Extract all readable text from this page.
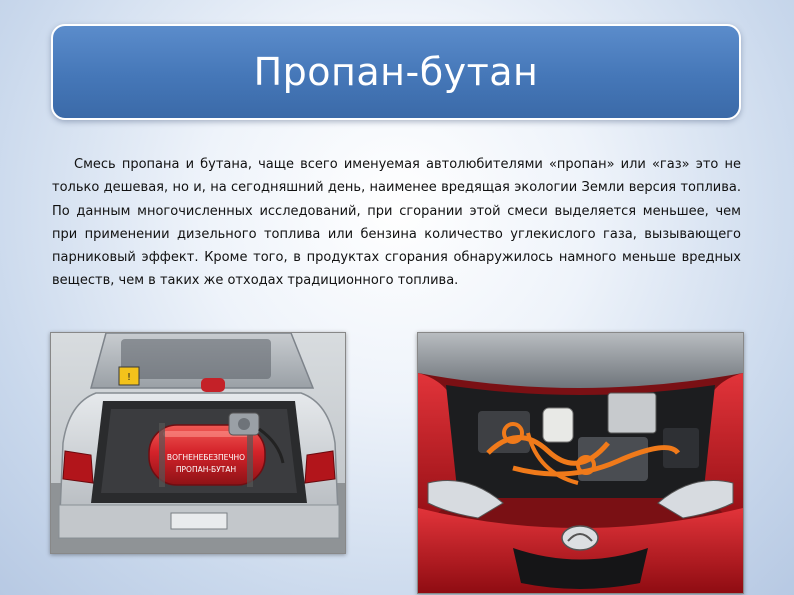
Пропан-бутан
Смесь пропана и бутана, чаще всего именуемая автолюбителями «пропан» или «газ» это не только дешевая, но и, на сегодняшний день, наименее вредящая экологии Земли версия топлива. По данным многочисленных исследований, при сгорании этой смеси выделяется меньшее, чем при применении дизельного топлива или бензина количество углекислого газа, вызывающего парниковый эффект. Кроме того, в продуктах сгорания обнаружилось намного меньше вредных веществ, чем в таких же отходах традиционного топлива.
!
ВОГНЕНЕБЕЗПЕЧНО
ПРОПАН-БУТАН
